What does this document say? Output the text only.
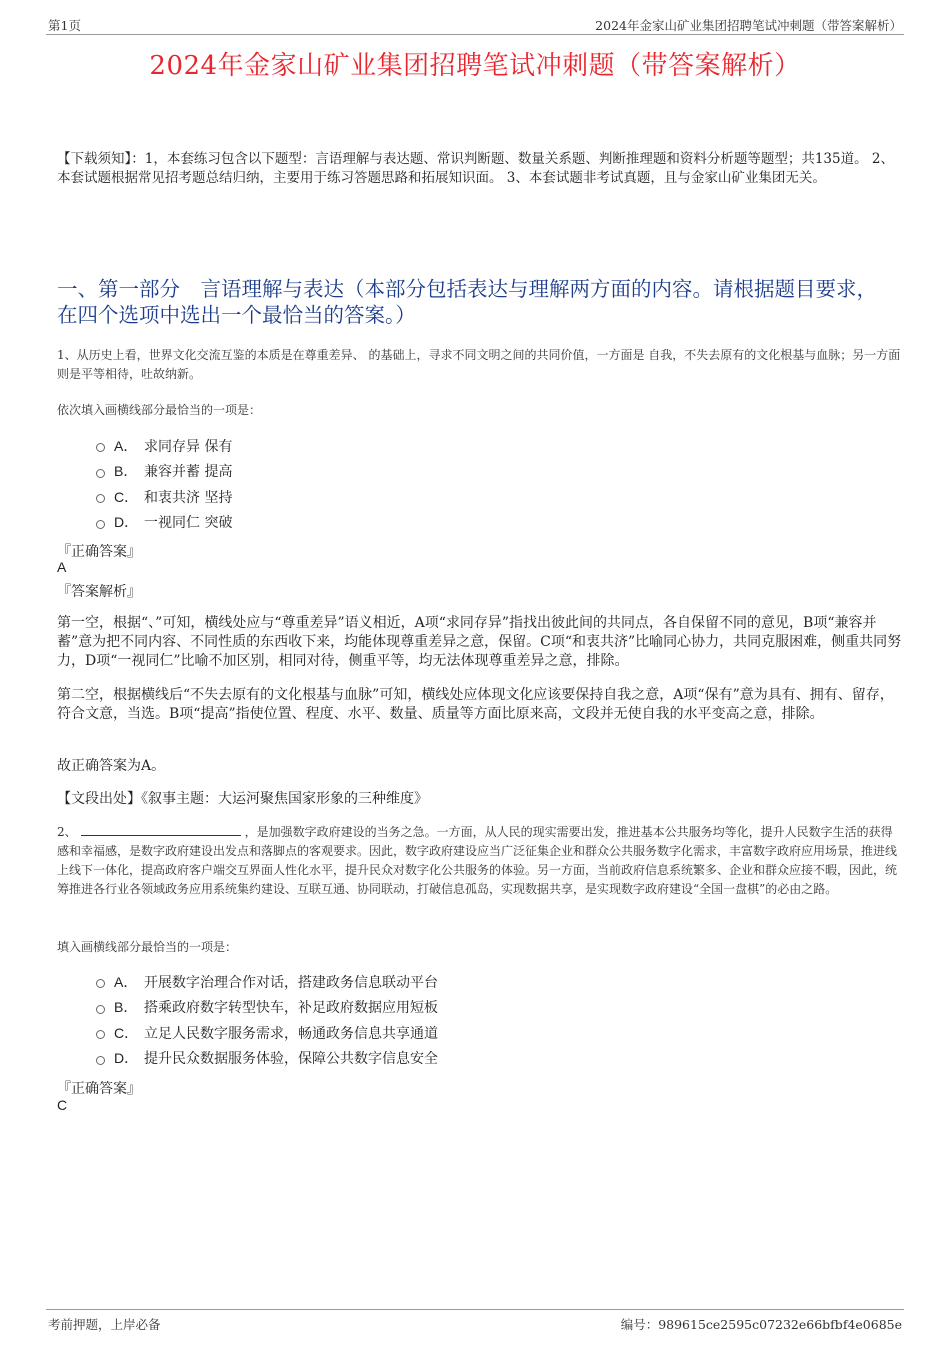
第1页	2024年金家山矿业集团招聘笔试冲刺题（带答案解析）
2024年金家山矿业集团招聘笔试冲刺题（带答案解析）
【下载须知】：1，本套练习包含以下题型：言语理解与表达题、常识判断题、数量关系题、判断推理题和资料分析题等题型；共135道。 2、本套试题根据常见招考题总结归纳，主要用于练习答题思路和拓展知识面。 3、本套试题非考试真题，且与金家山矿业集团无关。
一、第一部分　言语理解与表达（本部分包括表达与理解两方面的内容。请根据题目要求，在四个选项中选出一个最恰当的答案。）
1、从历史上看，世界文化交流互鉴的本质是在尊重差异、 的基础上，寻求不同文明之间的共同价值，一方面是 自我，不失去原有的文化根基与血脉；另一方面则是平等相待，吐故纳新。
依次填入画横线部分最恰当的一项是：
A． 求同存异 保有
B． 兼容并蓄 提高
C． 和衷共济 坚持
D． 一视同仁 突破
『正确答案』
A
『答案解析』
第一空，根据“、”可知，横线处应与“尊重差异”语义相近，A项“求同存异”指找出彼此间的共同点，各自保留不同的意见，B项“兼容并蓄”意为把不同内容、不同性质的东西收下来，均能体现尊重差异之意，保留。C项“和衷共济”比喻同心协力，共同克服困难，侧重共同努力，D项“一视同仁”比喻不加区别，相同对待，侧重平等，均无法体现尊重差异之意，排除。
第二空，根据横线后“不失去原有的文化根基与血脉”可知，横线处应体现文化应该要保持自我之意，A项“保有”意为具有、拥有、留存，符合文意，当选。B项“提高”指使位置、程度、水平、数量、质量等方面比原来高，文段并无使自我的水平变高之意，排除。
故正确答案为A。
【文段出处】《叙事主题：大运河聚焦国家形象的三种维度》
2、	，是加强数字政府建设的当务之急。一方面，从人民的现实需要出发，推进基本公共服务均等化，提升人民数字生活的获得感和幸福感，是数字政府建设出发点和落脚点的客观要求。因此，数字政府建设应当广泛征集企业和群众公共服务数字化需求，丰富数字政府应用场景，推进线上线下一体化，提高政府客户端交互界面人性化水平，提升民众对数字化公共服务的体验。另一方面，当前政府信息系统繁多、企业和群众应接不暇，因此，统筹推进各行业各领域政务应用系统集约建设、互联互通、协同联动，打破信息孤岛，实现数据共享，是实现数字政府建设“全国一盘棋”的必由之路。
填入画横线部分最恰当的一项是：
A． 开展数字治理合作对话，搭建政务信息联动平台
B． 搭乘政府数字转型快车，补足政府数据应用短板
C． 立足人民数字服务需求，畅通政务信息共享通道
D． 提升民众数据服务体验，保障公共数字信息安全
『正确答案』
C
考前押题，上岸必备	编号：989615ce2595c07232e66bfbf4e0685e
